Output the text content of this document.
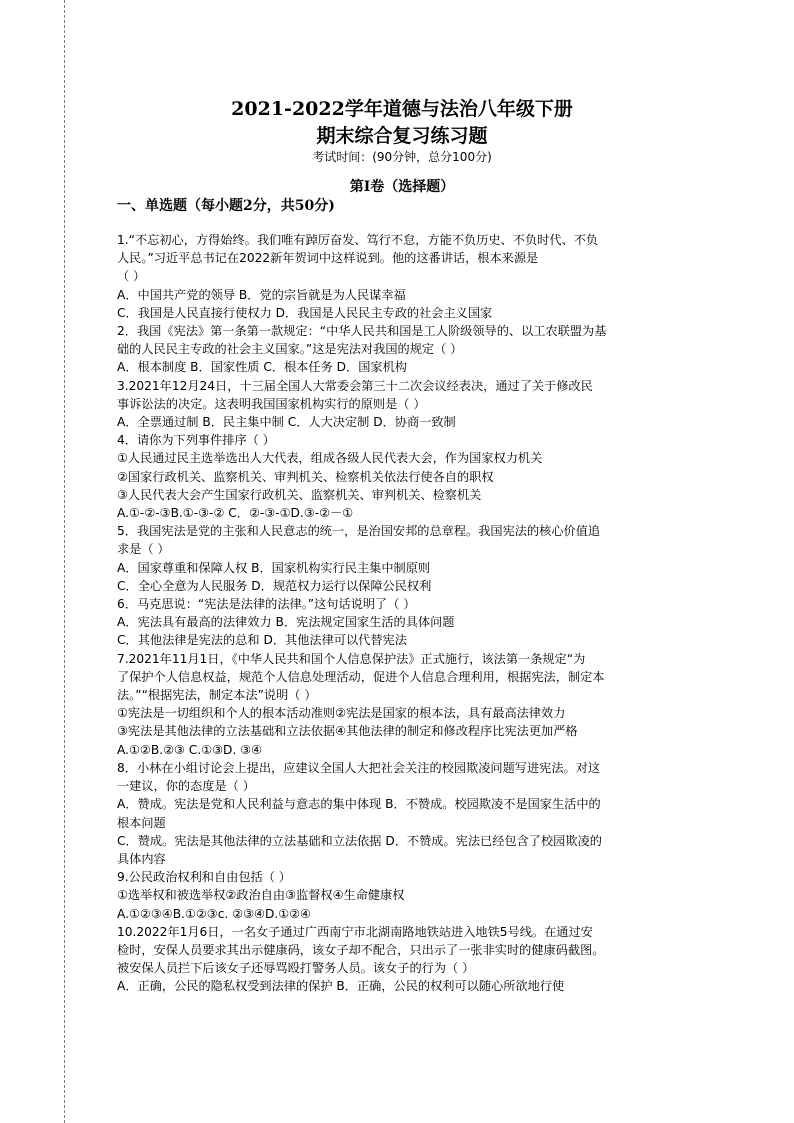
2021-2022学年道德与法治八年级下册
期末综合复习练习题
考试时间：(90分钟，总分100分)
第I卷（选择题）
一、单选题（每小题2分，共50分)
1.“不忘初心，方得始终。我们唯有踔厉奋发、笃行不怠，方能不负历史、不负时代、不负
人民。”习近平总书记在2022新年贺词中这样说到。他的这番讲话，根本来源是
（ ）
A．中国共产党的领导 B．党的宗旨就是为人民谋幸福
C．我国是人民直接行使权力 D．我国是人民民主专政的社会主义国家
2．我国《宪法》第一条第一款规定：“中华人民共和国是工人阶级领导的、以工农联盟为基
础的人民民主专政的社会主义国家。”这是宪法对我国的规定（ ）
A．根本制度 B．国家性质 C．根本任务 D．国家机构
3.2021年12月24日，十三届全国人大常委会第三十二次会议经表决，通过了关于修改民
事诉讼法的决定。这表明我国国家机构实行的原则是（ ）
A．全票通过制 B．民主集中制 C．人大决定制 D．协商一致制
4．请你为下列事件排序（ ）
①人民通过民主选举选出人大代表，组成各级人民代表大会，作为国家权力机关
②国家行政机关、监察机关、审判机关、检察机关依法行使各自的职权
③人民代表大会产生国家行政机关、监察机关、审判机关、检察机关
A.①-②-③B.①-③-② C．②-③-①D.③-②－①
5．我国宪法是党的主张和人民意志的统一，是治国安邦的总章程。我国宪法的核心价值追
求是（ ）
A．国家尊重和保障人权 B．国家机构实行民主集中制原则
C．全心全意为人民服务 D．规范权力运行以保障公民权利
6．马克思说：“宪法是法律的法律。”这句话说明了（ ）
A．宪法具有最高的法律效力 B．宪法规定国家生活的具体问题
C．其他法律是宪法的总和 D．其他法律可以代替宪法
7.2021年11月1日，《中华人民共和国个人信息保护法》正式施行，该法第一条规定“为
了保护个人信息权益，规范个人信息处理活动，促进个人信息合理利用，根据宪法，制定本
法。”“根据宪法，制定本法”说明（ ）
①宪法是一切组织和个人的根本活动准则②宪法是国家的根本法，具有最高法律效力
③宪法是其他法律的立法基础和立法依据④其他法律的制定和修改程序比宪法更加严格
A.①②B.②③ C.①③D. ③④
8．小林在小组讨论会上提出，应建议全国人大把社会关注的校园欺凌问题写进宪法。对这
一建议，你的态度是（ ）
A．赞成。宪法是党和人民利益与意志的集中体现 B．不赞成。校园欺凌不是国家生活中的
根本问题
C．赞成。宪法是其他法律的立法基础和立法依据 D．不赞成。宪法已经包含了校园欺凌的
具体内容
9.公民政治权利和自由包括（ ）
①选举权和被选举权②政治自由③监督权④生命健康权
A.①②③④B.①②③c. ②③④D.①②④
10.2022年1月6日，一名女子通过广西南宁市北湖南路地铁站进入地铁5号线。在通过安
检时，安保人员要求其出示健康码，该女子却不配合，只出示了一张非实时的健康码截图。
被安保人员拦下后该女子还辱骂殴打警务人员。该女子的行为（ ）
A．正确，公民的隐私权受到法律的保护 B．正确，公民的权利可以随心所欲地行使
